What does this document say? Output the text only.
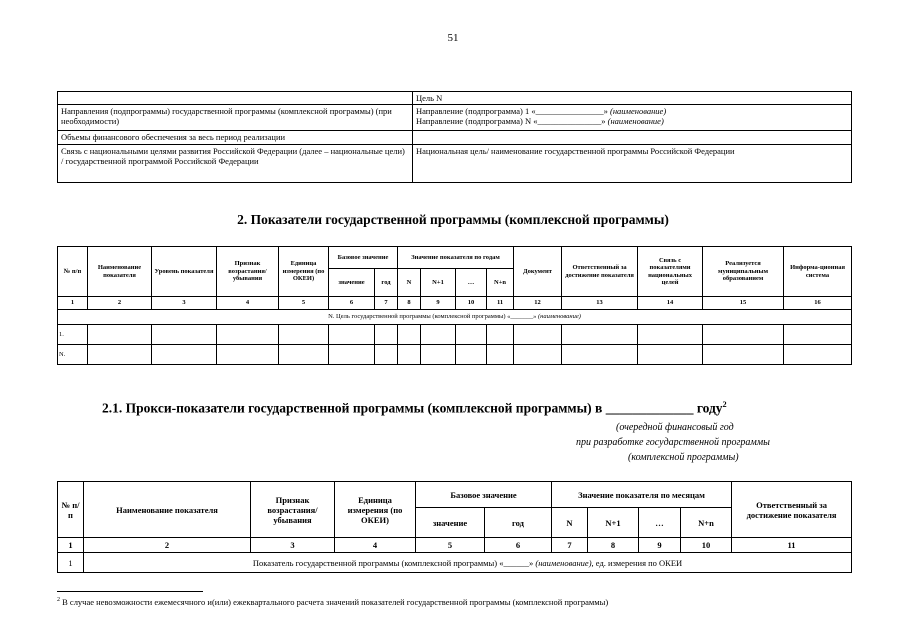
51
	Цель N
Направления (подпрограммы) государственной программы (комплексной программы) (при необходимости)	Направление (подпрограмма) 1 «________________» (наименование)
Направление (подпрограмма) N «_______________» (наименование)

Объемы финансового обеспечения за весь период реализации	
Связь с национальными целями развития Российской Федерации (далее – национальные цели) / государственной программой Российской Федерации	Национальная цель/ наименование государственной программы Российской Федерации
2. Показатели государственной программы (комплексной программы)
№ п/п	Наименование показателя	Уровень показателя	Признак возрастания/ убывания	Единица измерения (по ОКЕИ)	Базовое значение		Значение показателя по годам				Документ	Ответственный за достижение показателя	Связь с показателями национальных целей	Реализуется муниципальным образованием	Информа-ционная система
					значение	год	N	N+1	…	N+n					
1	2	3	4	5	6	7	8	9	10	11	12	13	14	15	16
N. Цель государственной программы (комплексной программы) «_______» (наименование)															
1.															
N.															
2.1. Прокси-показатели государственной программы (комплексной программы) в _____________ году$^2$
(очередной финансовый год
при разработке государственной программы
(комплексной программы)
№ п/п	Наименование показателя	Признак возрастания/ убывания	Единица измерения (по ОКЕИ)	Базовое значение		Значение показателя по месяцам				Ответственный за достижение показателя
				значение	год	N	N+1	…	N+n	
1	2	3	4	5	6	7	8	9	10	11
1	Показатель государственной программы (комплексной программы) «______» (наименование), ед. измерения по ОКЕИ									
$^2$ В случае невозможности ежемесячного и(или) ежеквартального расчета значений показателей государственной программы (комплексной программы)
